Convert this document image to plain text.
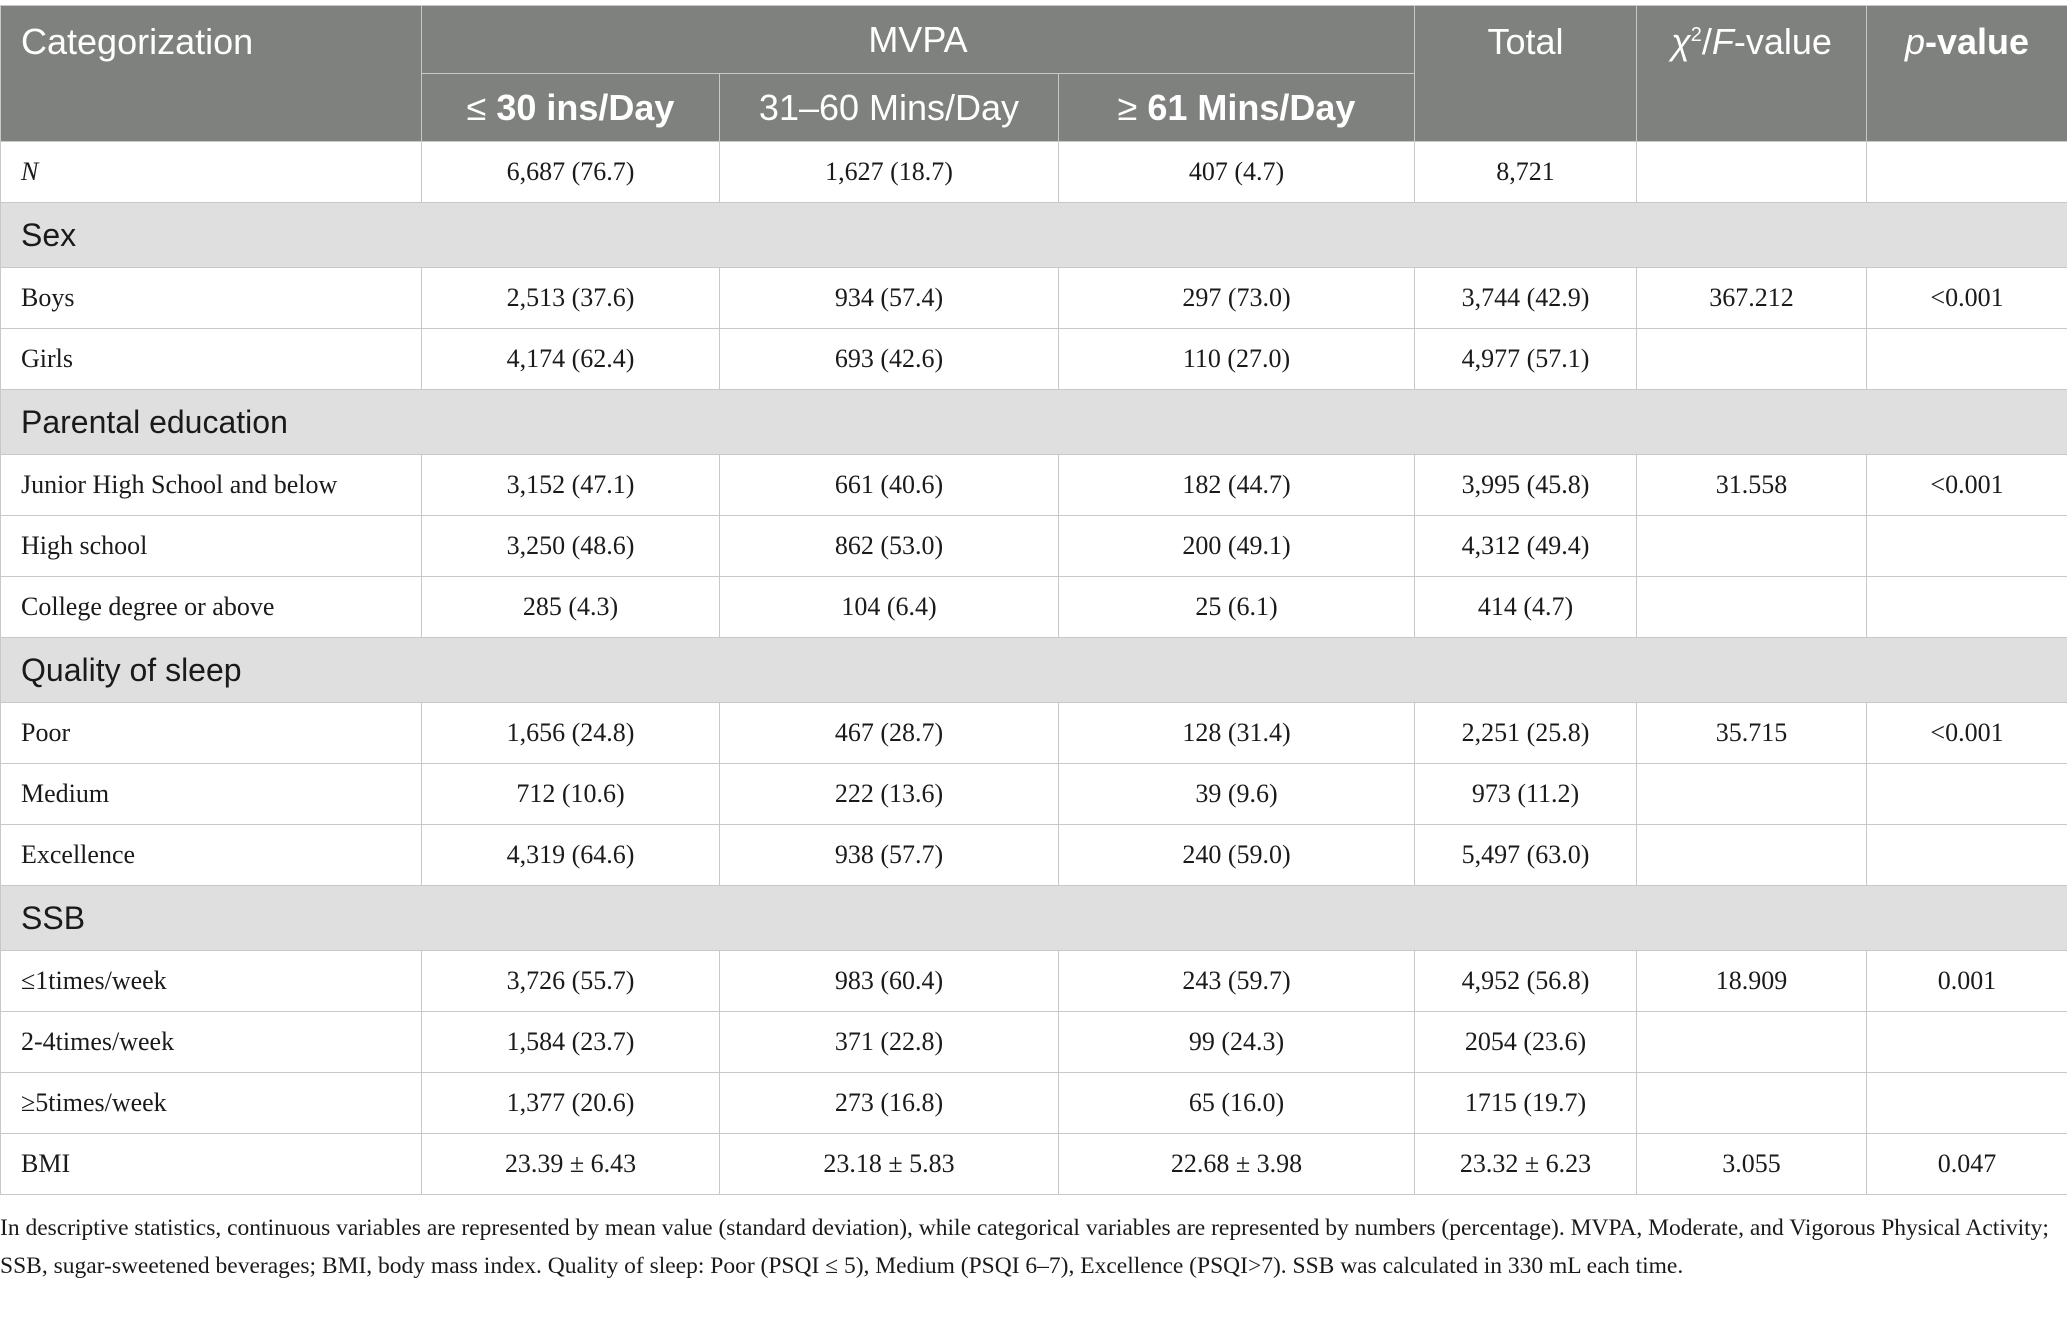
Categorization	MVPA			Total	$\chi^2/F$-value	p-value
	≤ 30 ins/Day	31–60 Mins/Day	≥ 61 Mins/Day			
N	6,687 (76.7)	1,627 (18.7)	407 (4.7)	8,721		
Sex						
Boys	2,513 (37.6)	934 (57.4)	297 (73.0)	3,744 (42.9)	367.212	<0.001
Girls	4,174 (62.4)	693 (42.6)	110 (27.0)	4,977 (57.1)		
Parental education						
Junior High School and below	3,152 (47.1)	661 (40.6)	182 (44.7)	3,995 (45.8)	31.558	<0.001
High school	3,250 (48.6)	862 (53.0)	200 (49.1)	4,312 (49.4)		
College degree or above	285 (4.3)	104 (6.4)	25 (6.1)	414 (4.7)		
Quality of sleep						
Poor	1,656 (24.8)	467 (28.7)	128 (31.4)	2,251 (25.8)	35.715	<0.001
Medium	712 (10.6)	222 (13.6)	39 (9.6)	973 (11.2)		
Excellence	4,319 (64.6)	938 (57.7)	240 (59.0)	5,497 (63.0)		
SSB						
≤1times/week	3,726 (55.7)	983 (60.4)	243 (59.7)	4,952 (56.8)	18.909	0.001
2-4times/week	1,584 (23.7)	371 (22.8)	99 (24.3)	2054 (23.6)		
≥5times/week	1,377 (20.6)	273 (16.8)	65 (16.0)	1715 (19.7)		
BMI	23.39 ± 6.43	23.18 ± 5.83	22.68 ± 3.98	23.32 ± 6.23	3.055	0.047

In descriptive statistics, continuous variables are represented by mean value (standard deviation), while categorical variables are represented by numbers (percentage). MVPA, Moderate, and Vigorous Physical Activity; SSB, sugar-sweetened beverages; BMI, body mass index. Quality of sleep: Poor (PSQI ≤ 5), Medium (PSQI 6–7), Excellence (PSQI>7). SSB was calculated in 330 mL each time.
